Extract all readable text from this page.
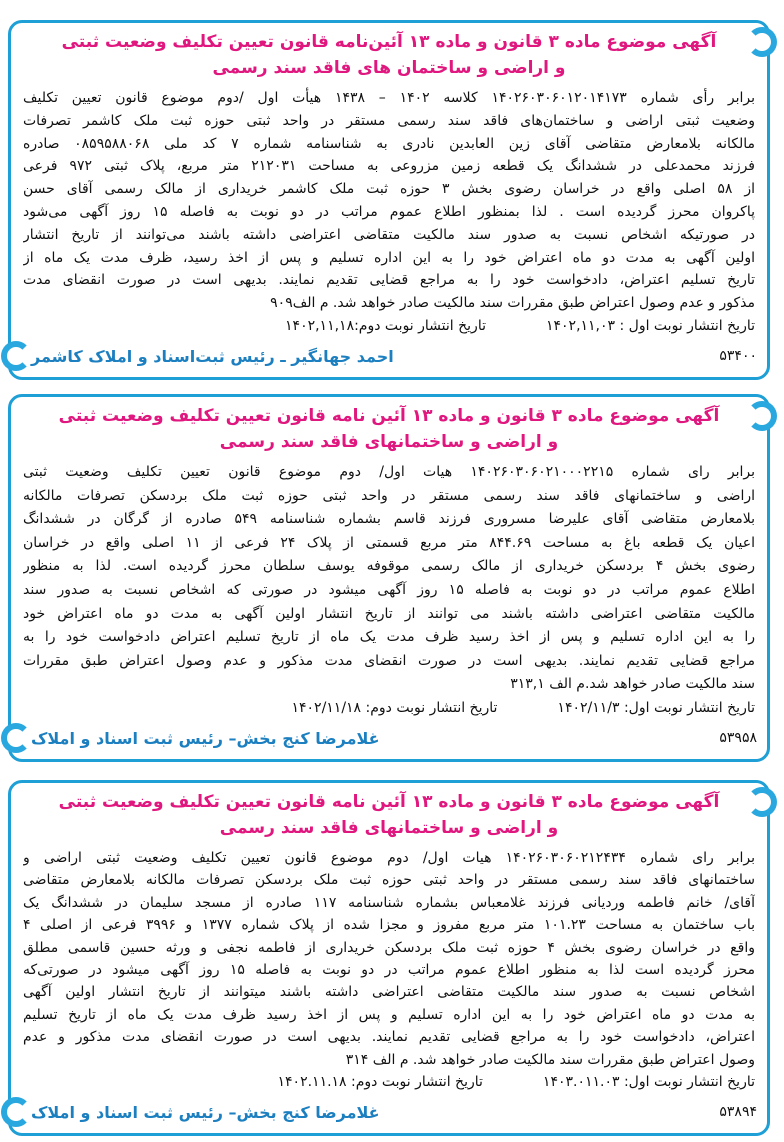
آگهی موضوع ماده ۳ قانون و ماده ۱۳ آئین‌نامه قانون تعیین تکلیف وضعیت ثبتی
و اراضی و ساختمان های فاقد سند رسمی
برابر رأی شماره ۱۴۰۲۶۰۳۰۶۰۱۲۰۱۴۱۷۳ کلاسه ۱۴۰۲ – ۱۴۳۸ هیأت اول /دوم موضوع قانون تعیین تکلیف
وضعیت ثبتی اراضی و ساختمان‌های فاقد سند رسمی مستقر در واحد ثبتی حوزه ثبت ملک کاشمر تصرفات
مالکانه بلامعارض متقاضی آقای زین العابدین نادری به شناسنامه شماره ۷ کد ملی ۰۸۵۹۵۸۸۰۶۸ صادره
فرزند محمدعلی در ششدانگ یک قطعه زمین مزروعی به مساحت ۲۱۲۰۳۱ متر مربع، پلاک ثبتی ۹۷۲ فرعی
از ۵۸ اصلی واقع در خراسان رضوی بخش ۳ حوزه ثبت ملک کاشمر خریداری از مالک رسمی آقای حسن
پاکروان محرز گردیده است . لذا بمنظور اطلاع عموم مراتب در دو نوبت به فاصله ۱۵ روز آگهی می‌شود
در صورتیکه اشخاص نسبت به صدور سند مالکیت متقاضی اعتراضی داشته باشند می‌توانند از تاریخ انتشار
اولین آگهی به مدت دو ماه اعتراض خود را به این اداره تسلیم و پس از اخذ رسید، ظرف مدت یک ماه از
تاریخ تسلیم اعتراض، دادخواست خود را به مراجع قضایی تقدیم نمایند. بدیهی است در صورت انقضای مدت
مذکور و عدم وصول اعتراض طبق مقررات سند مالکیت صادر خواهد شد. م الف۹۰۹
تاریخ انتشار نوبت اول : ۱۴۰۲,۱۱,۰۳
تاریخ انتشار نوبت دوم:۱۴۰۲,۱۱,۱۸
۵۳۴۰۰
احمد جهانگیر ـ رئیس ثبت‌اسناد و املاک کاشمر
آگهی موضوع ماده ۳ قانون و ماده ۱۳ آئین نامه قانون تعیین تکلیف وضعیت ثبتی
و اراضی و ساختمانهای فاقد سند رسمی
برابر رای شماره ۱۴۰۲۶۰۳۰۶۰۲۱۰۰۰۲۲۱۵ هیات اول/ دوم موضوع قانون تعیین تکلیف وضعیت ثبتی
اراضی و ساختمانهای فاقد سند رسمی مستقر در واحد ثبتی حوزه ثبت ملک بردسکن تصرفات مالکانه
بلامعارض متقاضی آقای علیرضا مسروری فرزند قاسم بشماره شناسنامه ۵۴۹ صادره از گرگان در ششدانگ
اعیان یک قطعه باغ به مساحت ۸۴۴.۶۹ متر مربع قسمتی از پلاک ۲۴ فرعی از ۱۱ اصلی واقع در خراسان
رضوی بخش ۴ بردسکن خریداری از مالک رسمی موقوفه یوسف سلطان محرز گردیده است. لذا به منظور
اطلاع عموم مراتب در دو نوبت به فاصله ۱۵ روز آگهی میشود در صورتی که اشخاص نسبت به صدور سند
مالکیت متقاضی اعتراضی داشته باشند می توانند از تاریخ انتشار اولین آگهی به مدت دو ماه اعتراض خود
را به این اداره تسلیم و پس از اخذ رسید ظرف مدت یک ماه از تاریخ تسلیم اعتراض دادخواست خود را به
مراجع قضایی تقدیم نمایند. بدیهی است در صورت انقضای مدت مذکور و عدم وصول اعتراض طبق مقررات
سند مالکیت صادر خواهد شد.م الف ۳۱۳,۱
تاریخ انتشار نوبت اول: ۱۴۰۲/۱۱/۳
تاریخ انتشار نوبت دوم: ۱۴۰۲/۱۱/۱۸
۵۳۹۵۸
غلامرضا کنج بخش– رئیس ثبت اسناد و املاک
آگهی موضوع ماده ۳ قانون و ماده ۱۳ آئین نامه قانون تعیین تکلیف وضعیت ثبتی
و اراضی و ساختمانهای فاقد سند رسمی
برابر رای شماره ۱۴۰۲۶۰۳۰۶۰۲۱۲۴۳۴ هیات اول/ دوم موضوع قانون تعیین تکلیف وضعیت ثبتی اراضی و
ساختمانهای فاقد سند رسمی مستقر در واحد ثبتی حوزه ثبت ملک بردسکن تصرفات مالکانه بلامعارض متقاضی
آقای/ خانم فاطمه وردیانی فرزند غلامعباس بشماره شناسنامه ۱۱۷ صادره از مسجد سلیمان در ششدانگ یک
باب ساختمان به مساحت ۱۰۱.۲۳ متر مربع مفروز و مجزا شده از پلاک شماره ۱۳۷۷ و ۳۹۹۶ فرعی از اصلی ۴
واقع در خراسان رضوی بخش ۴ حوزه ثبت ملک بردسکن خریداری از فاطمه نجفی و ورثه حسین قاسمی مطلق
محرز گردیده است لذا به منظور اطلاع عموم مراتب در دو نوبت به فاصله ۱۵ روز آگهی میشود در صورتی‌که
اشخاص نسبت به صدور سند مالکیت متقاضی اعتراضی داشته باشند میتوانند از تاریخ انتشار اولین آگهی
به مدت دو ماه اعتراض خود را به این اداره تسلیم و پس از اخذ رسید ظرف مدت یک ماه از تاریخ تسلیم
اعتراض، دادخواست خود را به مراجع قضایی تقدیم نمایند. بدیهی است در صورت انقضای مدت مذکور و عدم
وصول اعتراض طبق مقررات سند مالکیت صادر خواهد شد. م الف ۳۱۴
تاریخ انتشار نوبت اول: ۱۴۰۳.۰۱۱.۰۳
تاریخ انتشار نوبت دوم: ۱۴۰۲.۱۱.۱۸
۵۳۸۹۴
غلامرضا کنج بخش– رئیس ثبت اسناد و املاک
